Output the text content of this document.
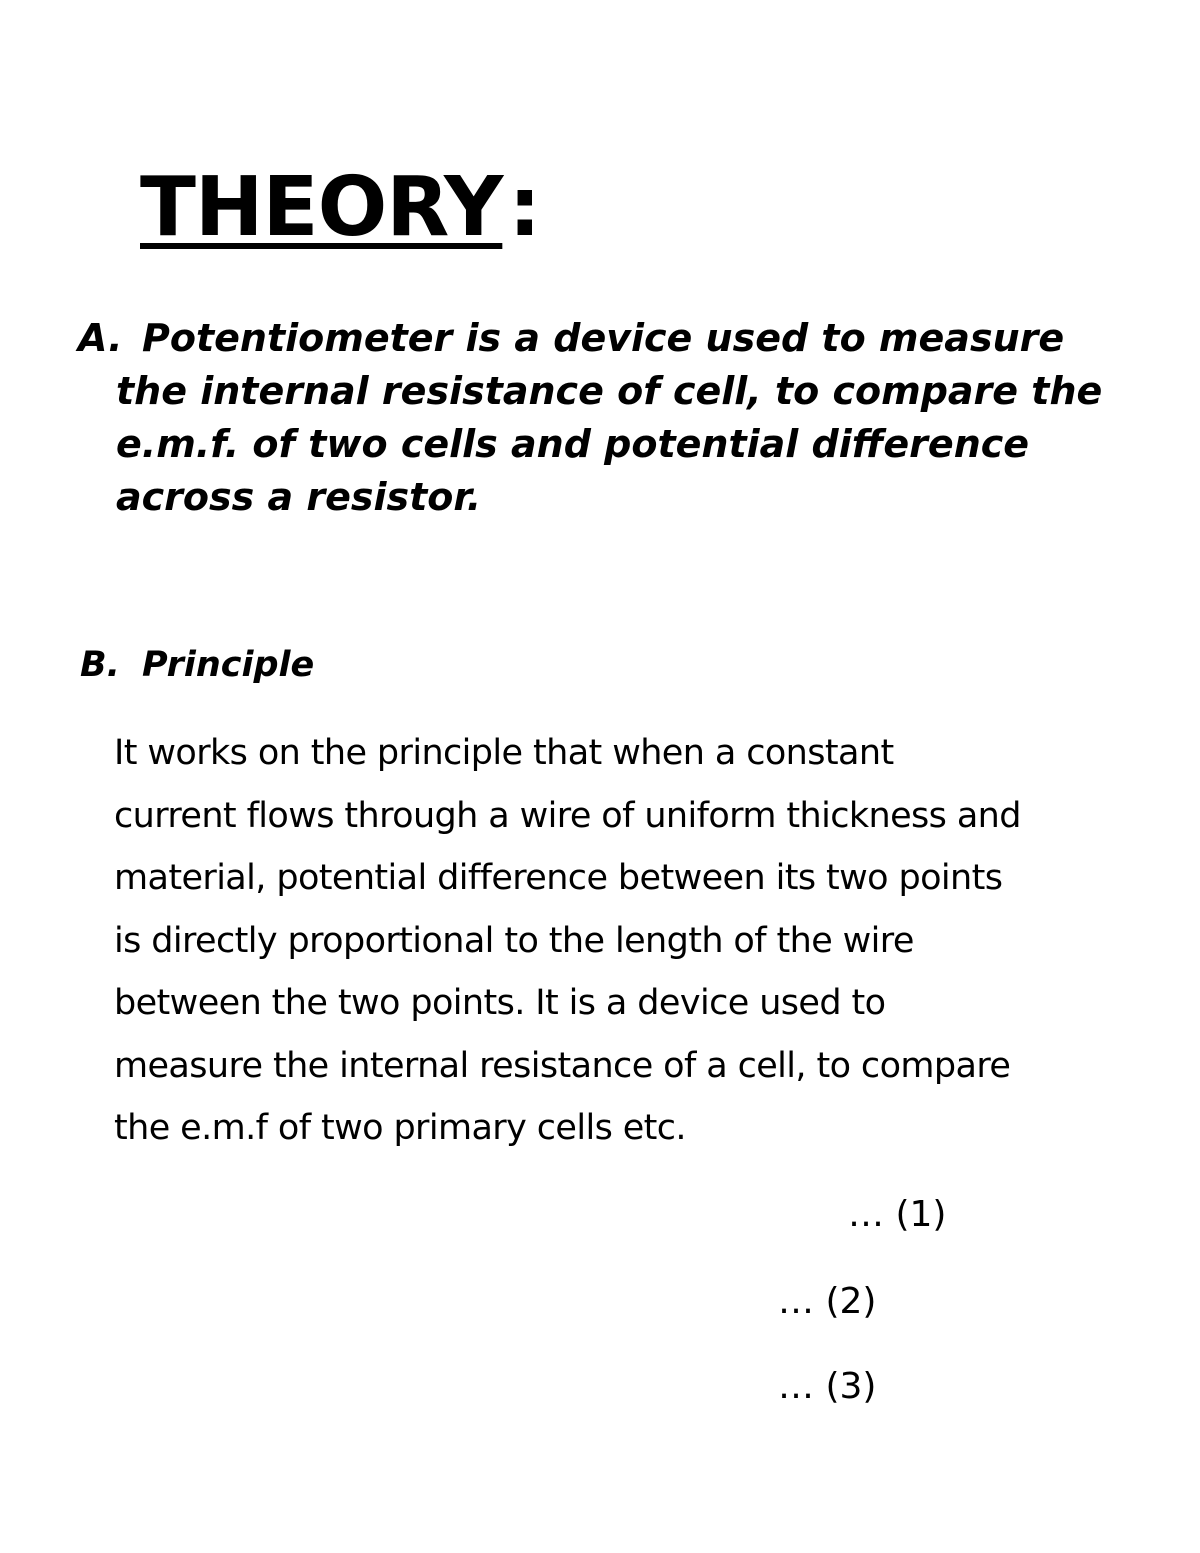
THEORY:
A. Potentiometer is a device used to measure the internal resistance of cell, to compare the e.m.f. of two cells and potential difference across a resistor.
B. Principle
It works on the principle that when a constant
current flows through a wire of uniform thickness and
material, potential difference between its two points
is directly proportional to the length of the wire
between the two points. It is a device used to
measure the internal resistance of a cell, to compare
the e.m.f of two primary cells etc.
… (1)
… (2)
… (3)
